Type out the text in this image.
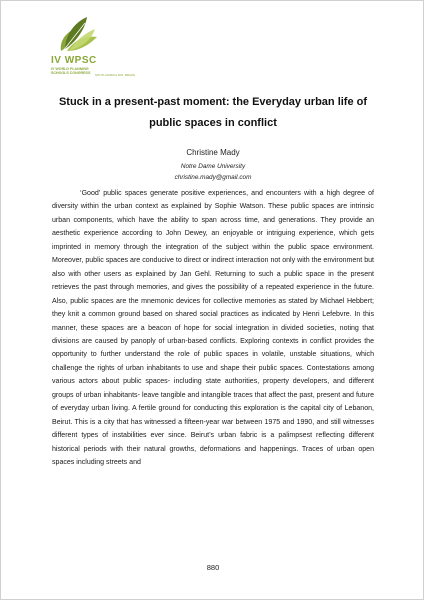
IV WPSC
IV WORLD PLANNING SCHOOLS CONGRESS SOUTH AFRICA RIO, BRAZIL
Stuck in a present-past moment: the Everyday urban life of public spaces in conflict
Christine Mady
Notre Dame University
christine.mady@gmail.com

‘Good’ public spaces generate positive experiences, and encounters with a high degree of diversity within the urban context as explained by Sophie Watson. These public spaces are intrinsic urban components, which have the ability to span across time, and generations. They provide an aesthetic experience according to John Dewey, an enjoyable or intriguing experience, which gets imprinted in memory through the integration of the subject within the public space environment. Moreover, public spaces are conducive to direct or indirect interaction not only with the environment but also with other users as explained by Jan Gehl. Returning to such a public space in the present retrieves the past through memories, and gives the possibility of a repeated experience in the future. Also, public spaces are the mnemonic devices for collective memories as stated by Michael Hebbert; they knit a common ground based on shared social practices as indicated by Henri Lefebvre. In this manner, these spaces are a beacon of hope for social integration in divided societies, noting that divisions are caused by panoply of urban-based conflicts. Exploring contexts in conflict provides the opportunity to further understand the role of public spaces in volatile, unstable situations, which challenge the rights of urban inhabitants to use and shape their public spaces. Contestations among various actors about public spaces- including state authorities, property developers, and different groups of urban inhabitants- leave tangible and intangible traces that affect the past, present and future of everyday urban living. A fertile ground for conducting this exploration is the capital city of Lebanon, Beirut. This is a city that has witnessed a fifteen-year war between 1975 and 1990, and still witnesses different types of instabilities ever since. Beirut’s urban fabric is a palimpsest reflecting different historical periods with their natural growths, deformations and happenings. Traces of urban open spaces including streets and

880
